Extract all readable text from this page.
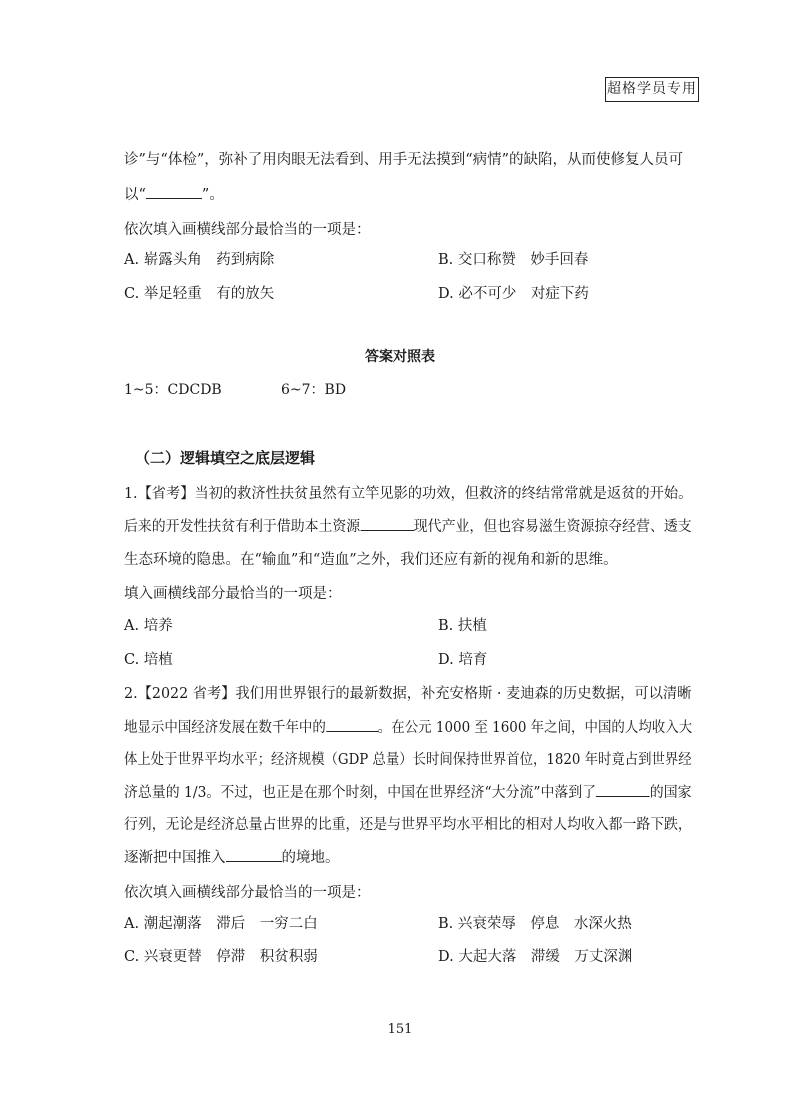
超格学员专用
诊”与“体检”，弥补了用肉眼无法看到、用手无法摸到“病情”的缺陷，从而使修复人员可
以“	”。
依次填入画横线部分最恰当的一项是：
A. 崭露头角　药到病除	B. 交口称赞　妙手回春
C. 举足轻重　有的放矢	D. 必不可少　对症下药
答案对照表
1~5：CDCDB	6~7：BD
（二）逻辑填空之底层逻辑
1.【省考】当初的救济性扶贫虽然有立竿见影的功效，但救济的终结常常就是返贫的开始。
后来的开发性扶贫有利于借助本土资源	现代产业，但也容易滋生资源掠夺经营、透支
生态环境的隐患。在“输血”和“造血”之外，我们还应有新的视角和新的思维。
填入画横线部分最恰当的一项是：
A. 培养	B. 扶植
C. 培植	D. 培育
2.【2022 省考】我们用世界银行的最新数据，补充安格斯 · 麦迪森的历史数据，可以清晰
地显示中国经济发展在数千年中的	。在公元 1000 至 1600 年之间，中国的人均收入大
体上处于世界平均水平；经济规模（GDP 总量）长时间保持世界首位，1820 年时竟占到世界经
济总量的 1/3。不过，也正是在那个时刻，中国在世界经济“大分流”中落到了	的国家
行列，无论是经济总量占世界的比重，还是与世界平均水平相比的相对人均收入都一路下跌，
逐渐把中国推入	的境地。
依次填入画横线部分最恰当的一项是：
A. 潮起潮落　滞后　一穷二白	B. 兴衰荣辱　停息　水深火热
C. 兴衰更替　停滞　积贫积弱	D. 大起大落　滞缓　万丈深渊
151
